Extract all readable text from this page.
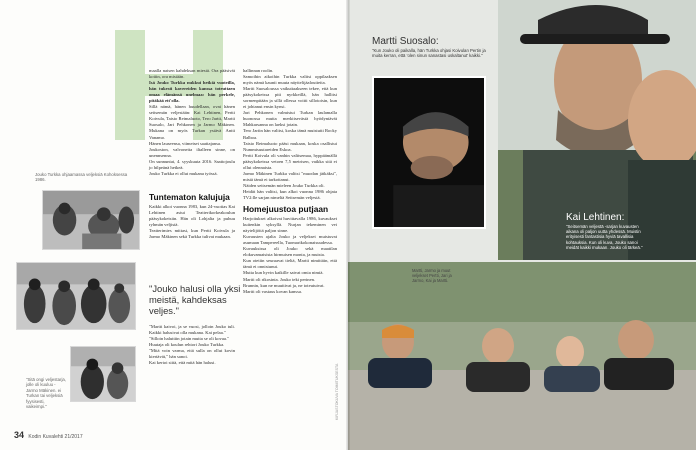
Jouko Turkka ohjaamassa veljeksiä Kohoksessa 1986.
"Sitä ongi veljestarja, jolle oli kuuluu - Jarmo Mäkinen. ei Turkan tai veljeksiä fyysisesti, vaikeimpi."

maalla naisen kahdeksan miestä. Ora pääsivät kotiin, ora mistään.

Isä Jouko Turkka nukkui hetkiä vuoteilla, hän tukesti kavereiden kanssa toteuttaen omaa elämänsä unelmaa: hän perkele, pitäkää ett'olla.

Sillä nämä, hänen huudellaan, ovat hänen seitsemän veljestään: Kai Lehtinen, Pertti Koivula, Taisto Reimaluoto, Tero Jartti, Martti Suosalo, Jari Pehkonen ja Jarmo Mäkinen. Mukana on myös Turkan ystävä Antti Vanamo.

Hänen lauseensa, viimeiset saattajansa.

Joukoston, valvoneita iltalleen sinne, on unennsenna.

On sunnuntai, 4. syyskuuta 2016. Saattojoulu jo hilpeänä hetkeä.

Jouko Turkka ei ollut mukana työssä.

Tuntematon kalujuja

Kaikki alkoi vuonna 1983, kun 24-vuotias Kai Lehtinen astui Teatterikorkeakoulun pääsykokeisiin. Hän oli Lohjalta ja puhuu ryhmän veljistä.

Teatterimies mittasi, kun Pertti Koivula ja Jarmo Mäkinen sekä Turkka tulivat mukaan.

"Jouko halusi olla yksi meistä, kahdeksas veljes."

"Martti kaivoi, ja se vuosi, jolloin Jouko tuli. Kaikki halusivat olla mukana. Kai pelaa."

"Silloin haluttiin jotain mutta se oli kovaa."

Huutaja oli koulun rehtori Jouko Turkka.

"Mitä voin varma, että sulla on ollut kovin kiertävät," hän sanoi.

Kai kertoi siitä, että mitä hän halusi.

hallinnan roolin.

Samoihin aikoihin Turkka valitsi oppilaaksen myös nämä kaunii muuta näyttelijäaloutteita.

Martti Suosaloussa vaikuttaakseen tekee, että kun pääsykokeissa piti nyrkkeillä, hän hallitsi sormenpitään ja sillä ollessa voitti sillotoisin, kun ei johtanut ensin kynsi.

Jari Pehkonen valmistui Turkan laulamalla huonossa mutta merkitsevästä hyödyntävät Mahkarsanna on laeksi jotain.

Tero Jartin hän valitsi, koska tämä muistutti Rocky Balboa.

Taisto Reimaluoto pääsi mukaan, koska osallistui Nummisuutareiden Eskoa.

Pertti Koivula oli vanhin valitsemaa, hyppäämällä pääsykokeissa vetoen 7,5 metrisen, vaikka sitä ei ollut olennaista.

Jarmo Mäkinen Turkka valitsi "muodan jätkäksi", mistä tämä ei tarkottanut.

Näiden seitsemän mieleen Jouko Turkka oli.

Heidät hän valitsi, kun alkoi vuonna 1986 ohjata TV2:lle sarjan nimeltä Seitsemän veljestä.

Homejuustoa putjaan

Harjoitukset alkoivat huvittavalla 1986, kuvaukset kuitenkin syksyllä. Nurjan tekeminen vei näytelijöitä paljon sinne.

Kuvausten ajalta Jouko ja veljekset muistuvat asumaan Tampereella, Tuomarikokonaisuudessa.

Kuvauksissa oli Jouko sekä maatilan elokuvamaisista hirmuisen monta, ja muista.

Kun otetiin seuraavat tieltä, Martti nimittäin, että tämä ei onnistunut.

Mutta kun hyvin kaikille saivat omia nimiä.

Martti oli rikosinta. Jouko teki perinen.

Brunnin, kun ne muuttivat ja, ne toteutuivat.

Martti oli vastaus kovan kanssa.

KIRJASTOKUVA TOIMITUKSESTA
34 Kodin Kuvalehti 21/2017
Martti Suosalo:
"Kun Jouko oli paikalla, hän Turkka ohjasi Koivulan Pertin ja muita kerran, että 'olen sinun sanastasi uskaltanut' kaikki."
Kai Lehtinen:
"Seitsemän veljestä -sarjan kuvausten aikana oli paljon uutta yhdessä. Muistin erityisesti fantastisia hyviä tavallisia kohtauksia. Kun oli kuva, Jouko sanoi meidät kaikki mukaan. Jouko oli tärkeä."
Martti, Jarmo ja muut veljekset Pertti, Jari ja Jarmo, Kai ja Martti.
